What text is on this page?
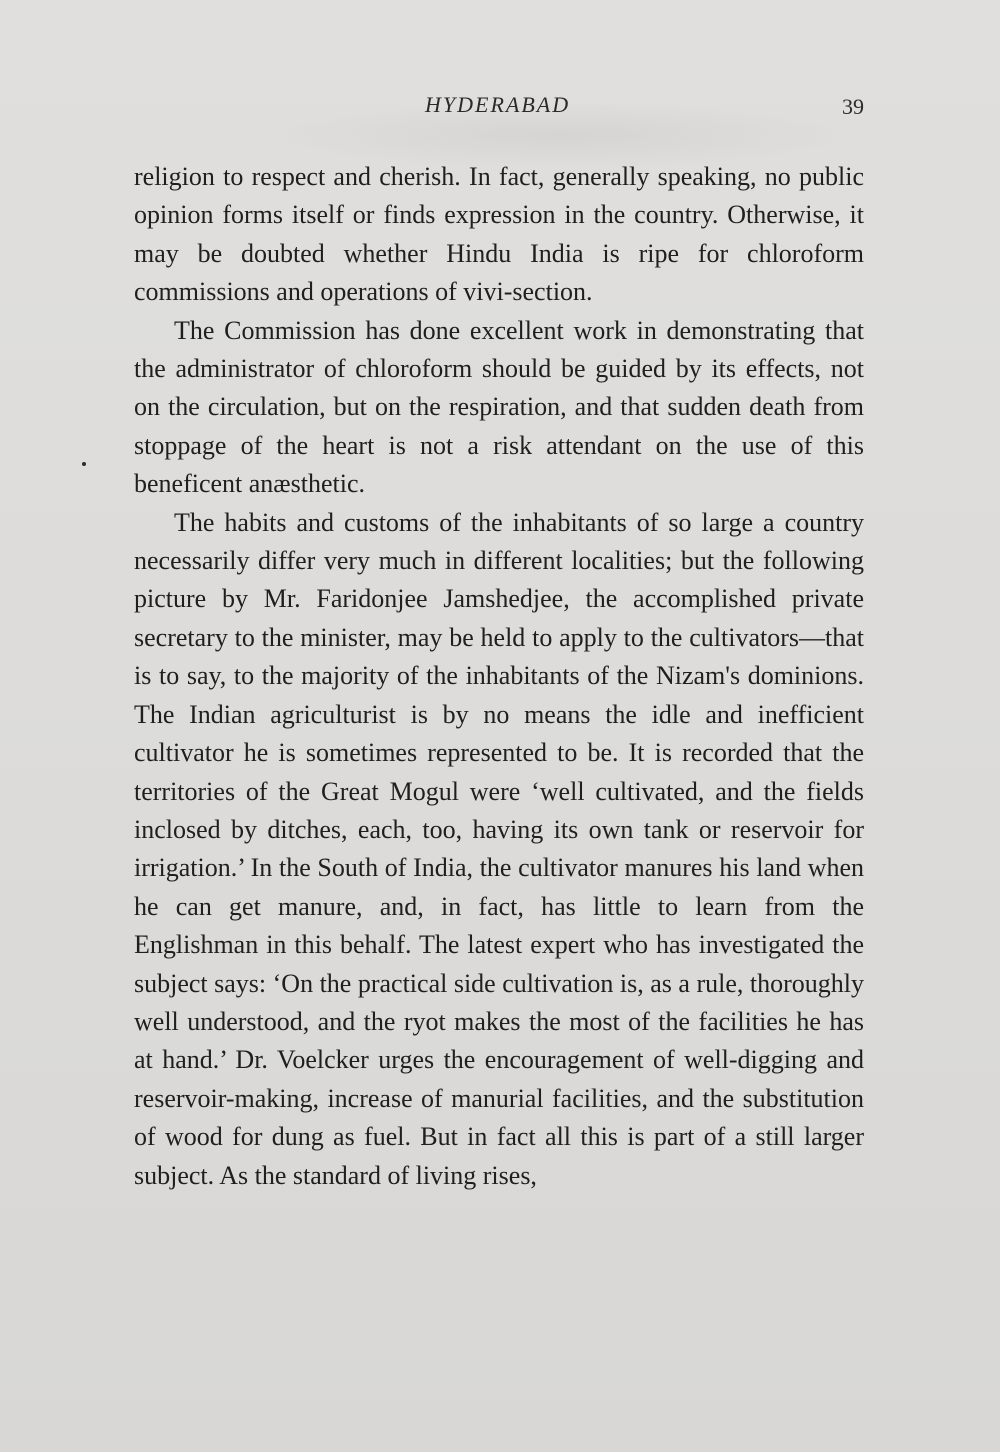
HYDERABAD	39

religion to respect and cherish. In fact, generally speaking, no public opinion forms itself or finds expression in the country. Otherwise, it may be doubted whether Hindu India is ripe for chloroform commissions and operations of vivi-section.

The Commission has done excellent work in demonstrating that the administrator of chloroform should be guided by its effects, not on the circulation, but on the respiration, and that sudden death from stoppage of the heart is not a risk attendant on the use of this beneficent anæsthetic.

The habits and customs of the inhabitants of so large a country necessarily differ very much in different localities; but the following picture by Mr. Faridonjee Jamshedjee, the accomplished private secretary to the minister, may be held to apply to the cultivators—that is to say, to the majority of the inhabitants of the Nizam's dominions. The Indian agriculturist is by no means the idle and inefficient cultivator he is sometimes represented to be. It is recorded that the territories of the Great Mogul were ‘well cultivated, and the fields inclosed by ditches, each, too, having its own tank or reservoir for irrigation.’ In the South of India, the cultivator manures his land when he can get manure, and, in fact, has little to learn from the Englishman in this behalf. The latest expert who has investigated the subject says: ‘On the practical side cultivation is, as a rule, thoroughly well understood, and the ryot makes the most of the facilities he has at hand.’ Dr. Voelcker urges the encouragement of well-digging and reservoir-making, increase of manurial facilities, and the substitution of wood for dung as fuel. But in fact all this is part of a still larger subject. As the standard of living rises,
